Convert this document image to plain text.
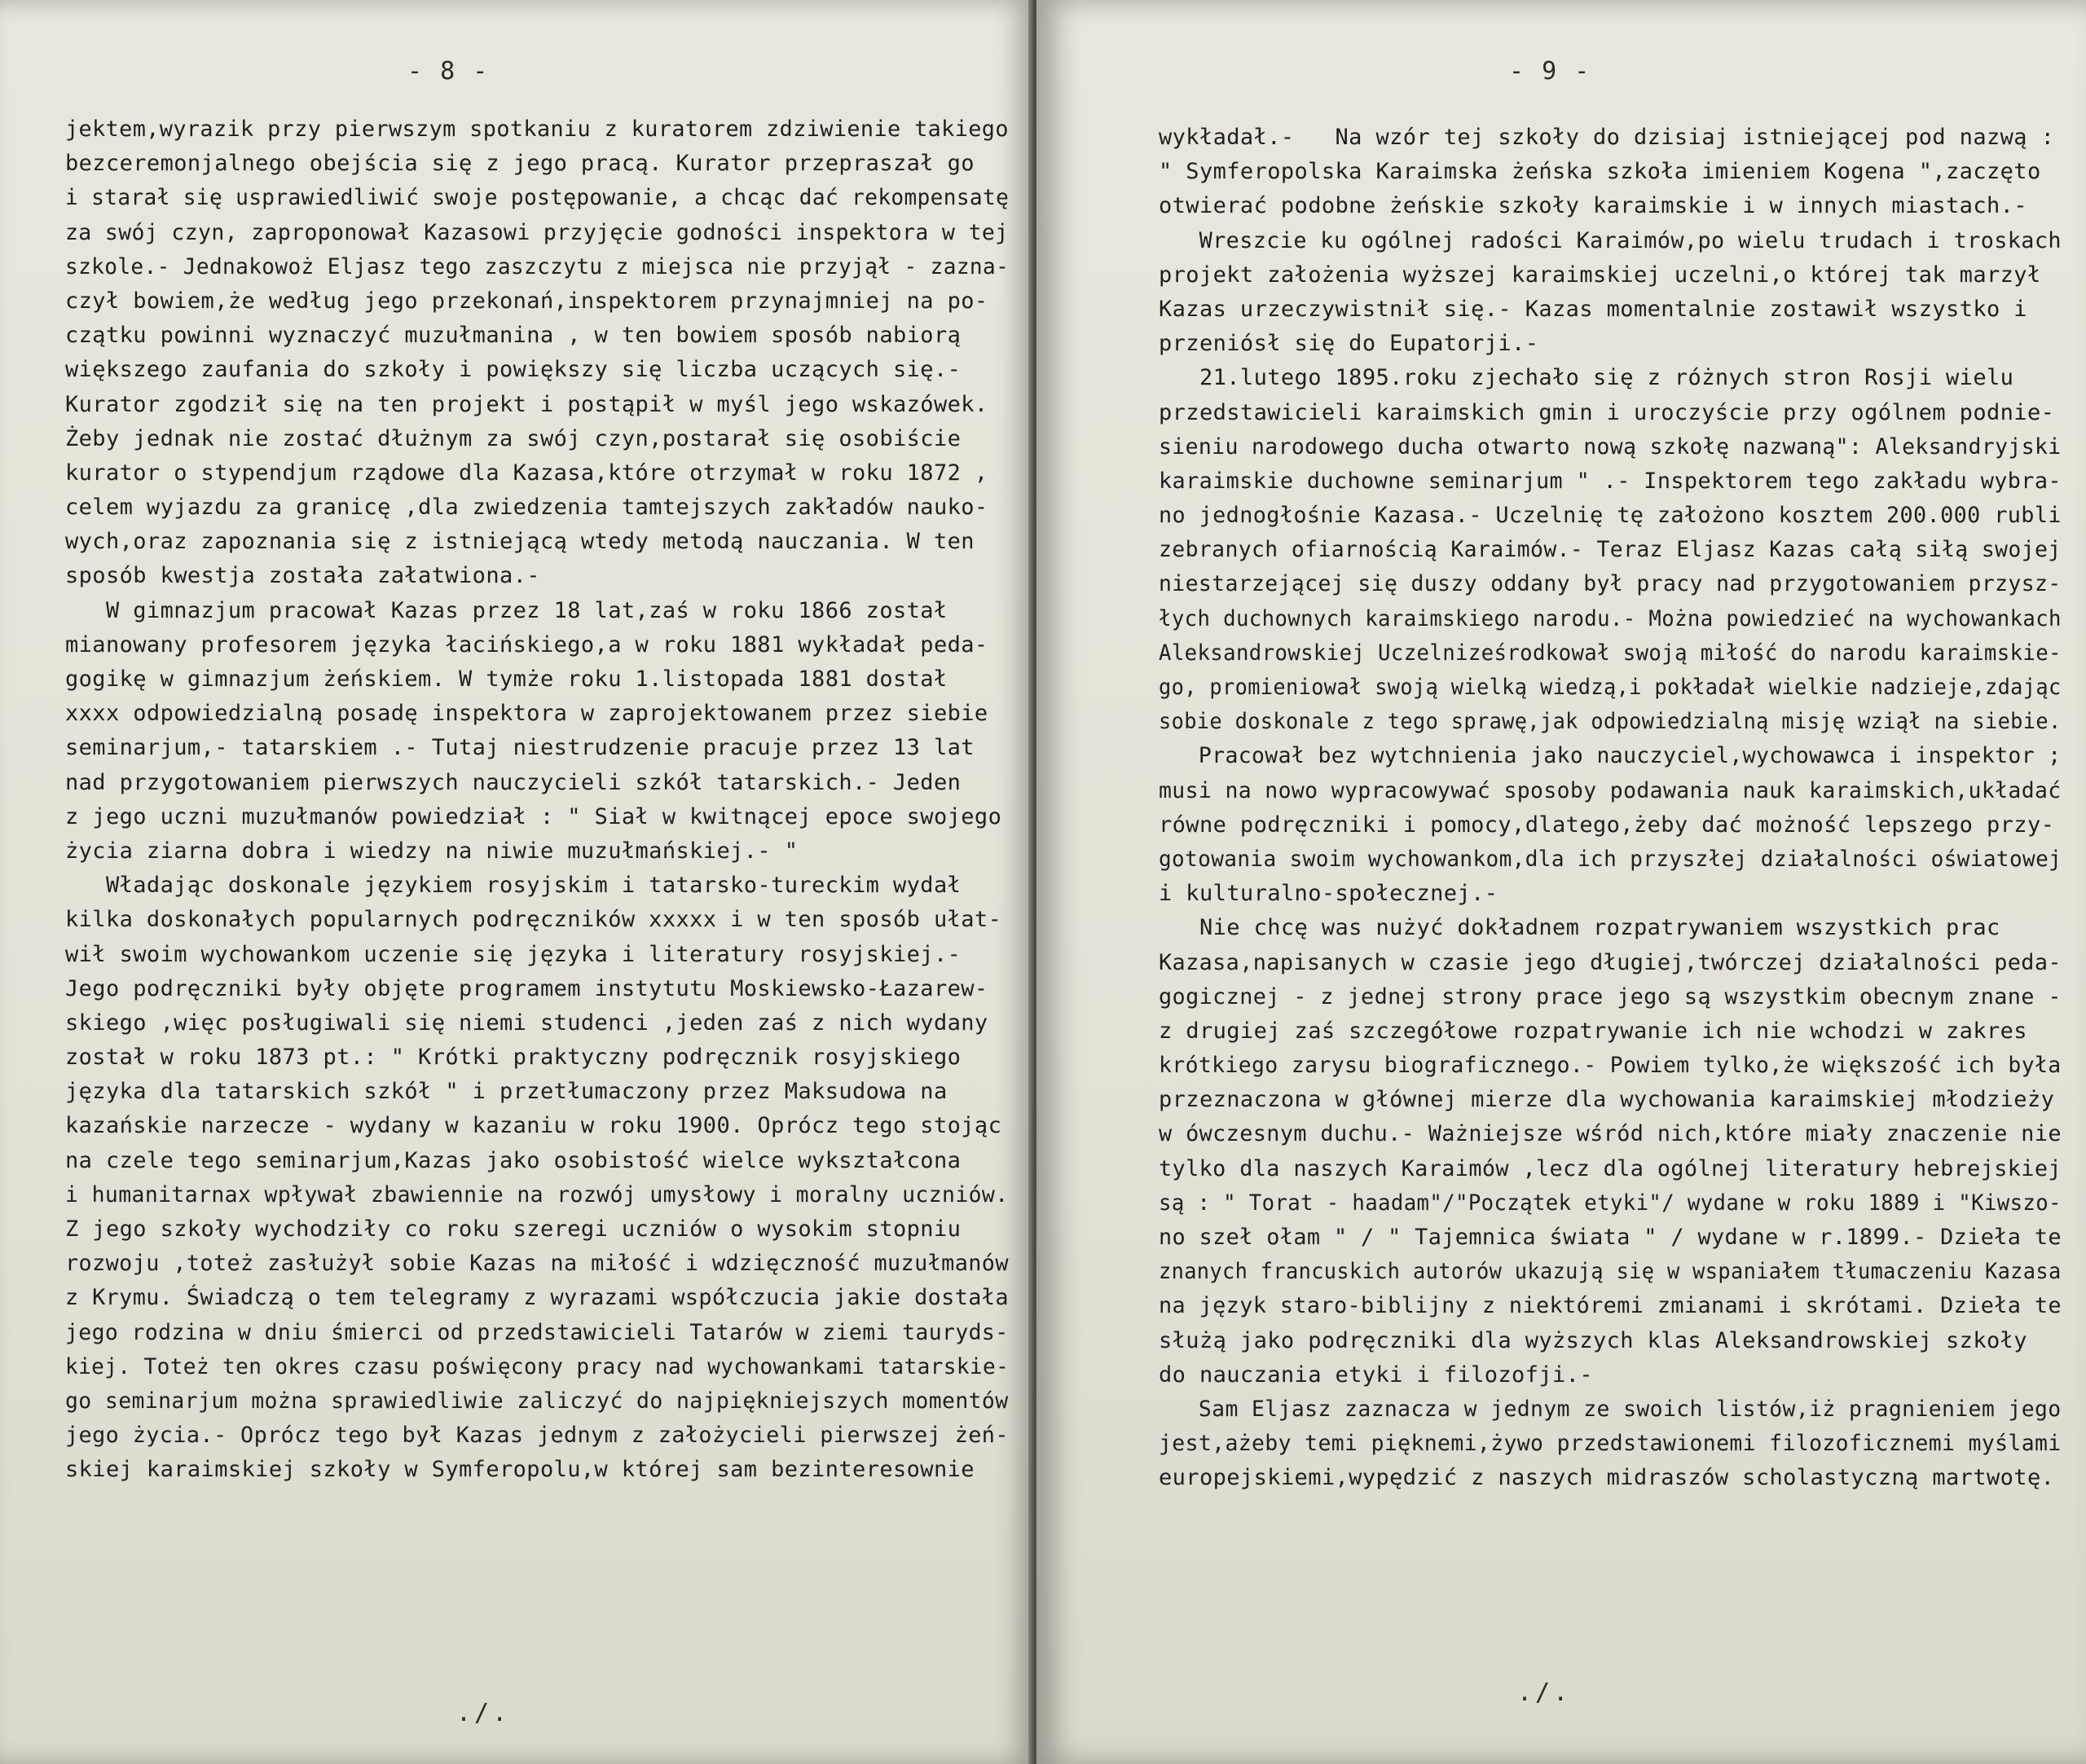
- 8 -
jektem,wyrazik przy pierwszym spotkaniu z kuratorem zdziwienie takiego
bezceremonjalnego obejścia się z jego pracą. Kurator przepraszał go
i starał się usprawiedliwić swoje postępowanie, a chcąc dać rekompensatę
za swój czyn, zaproponował Kazasowi przyjęcie godności inspektora w tej
szkole.- Jednakowoż Eljasz tego zaszczytu z miejsca nie przyjął - zazna-
czył bowiem,że według jego przekonań,inspektorem przynajmniej na po-
czątku powinni wyznaczyć muzułmanina , w ten bowiem sposób nabiorą
większego zaufania do szkoły i powiększy się liczba uczących się.-
Kurator zgodził się na ten projekt i postąpił w myśl jego wskazówek.
Żeby jednak nie zostać dłużnym za swój czyn,postarał się osobiście
kurator o stypendjum rządowe dla Kazasa,które otrzymał w roku 1872 ,
celem wyjazdu za granicę ,dla zwiedzenia tamtejszych zakładów nauko-
wych,oraz zapoznania się z istniejącą wtedy metodą nauczania. W ten
sposób kwestja została załatwiona.-
W gimnazjum pracował Kazas przez 18 lat,zaś w roku 1866 został
mianowany profesorem języka łacińskiego,a w roku 1881 wykładał peda-
gogikę w gimnazjum żeńskiem. W tymże roku 1.listopada 1881 dostał
xxxx odpowiedzialną posadę inspektora w zaprojektowanem przez siebie
seminarjum,- tatarskiem .- Tutaj niestrudzenie pracuje przez 13 lat
nad przygotowaniem pierwszych nauczycieli szkół tatarskich.- Jeden
z jego uczni muzułmanów powiedział : " Siał w kwitnącej epoce swojego
życia ziarna dobra i wiedzy na niwie muzułmańskiej.- "
Władając doskonale językiem rosyjskim i tatarsko-tureckim wydał
kilka doskonałych popularnych podręczników xxxxx i w ten sposób ułat-
wił swoim wychowankom uczenie się języka i literatury rosyjskiej.-
Jego podręczniki były objęte programem instytutu Moskiewsko-Łazarew-
skiego ,więc posługiwali się niemi studenci ,jeden zaś z nich wydany
został w roku 1873 pt.: " Krótki praktyczny podręcznik rosyjskiego
języka dla tatarskich szkół " i przetłumaczony przez Maksudowa na
kazańskie narzecze - wydany w kazaniu w roku 1900. Oprócz tego stojąc
na czele tego seminarjum,Kazas jako osobistość wielce wykształcona
i humanitarnax wpływał zbawiennie na rozwój umysłowy i moralny uczniów.
Z jego szkoły wychodziły co roku szeregi uczniów o wysokim stopniu
rozwoju ,toteż zasłużył sobie Kazas na miłość i wdzięczność muzułmanów
z Krymu. Świadczą o tem telegramy z wyrazami współczucia jakie dostała
jego rodzina w dniu śmierci od przedstawicieli Tatarów w ziemi tauryds-
kiej. Toteż ten okres czasu poświęcony pracy nad wychowankami tatarskie-
go seminarjum można sprawiedliwie zaliczyć do najpiękniejszych momentów
jego życia.- Oprócz tego był Kazas jednym z założycieli pierwszej żeń-
skiej karaimskiej szkoły w Symferopolu,w której sam bezinteresownie
./.
- 9 -
wykładał.-   Na wzór tej szkoły do dzisiaj istniejącej pod nazwą :
" Symferopolska Karaimska żeńska szkoła imieniem Kogena ",zaczęto
otwierać podobne żeńskie szkoły karaimskie i w innych miastach.-
Wreszcie ku ogólnej radości Karaimów,po wielu trudach i troskach
projekt założenia wyższej karaimskiej uczelni,o której tak marzył
Kazas urzeczywistnił się.- Kazas momentalnie zostawił wszystko i
przeniósł się do Eupatorji.-
21.lutego 1895.roku zjechało się z różnych stron Rosji wielu
przedstawicieli karaimskich gmin i uroczyście przy ogólnem podnie-
sieniu narodowego ducha otwarto nową szkołę nazwaną": Aleksandryjski
karaimskie duchowne seminarjum " .- Inspektorem tego zakładu wybra-
no jednogłośnie Kazasa.- Uczelnię tę założono kosztem 200.000 rubli
zebranych ofiarnością Karaimów.- Teraz Eljasz Kazas całą siłą swojej
niestarzejącej się duszy oddany był pracy nad przygotowaniem przysz-
łych duchownych karaimskiego narodu.- Można powiedzieć na wychowankach
Aleksandrowskiej Uczelniześrodkował swoją miłość do narodu karaimskie-
go, promieniował swoją wielką wiedzą,i pokładał wielkie nadzieje,zdając
sobie doskonale z tego sprawę,jak odpowiedzialną misję wziął na siebie.
Pracował bez wytchnienia jako nauczyciel,wychowawca i inspektor ;
musi na nowo wypracowywać sposoby podawania nauk karaimskich,układać
równe podręczniki i pomocy,dlatego,żeby dać możność lepszego przy-
gotowania swoim wychowankom,dla ich przyszłej działalności oświatowej
i kulturalno-społecznej.-
Nie chcę was nużyć dokładnem rozpatrywaniem wszystkich prac
Kazasa,napisanych w czasie jego długiej,twórczej działalności peda-
gogicznej - z jednej strony prace jego są wszystkim obecnym znane -
z drugiej zaś szczegółowe rozpatrywanie ich nie wchodzi w zakres
krótkiego zarysu biograficznego.- Powiem tylko,że większość ich była
przeznaczona w głównej mierze dla wychowania karaimskiej młodzieży
w ówczesnym duchu.- Ważniejsze wśród nich,które miały znaczenie nie
tylko dla naszych Karaimów ,lecz dla ogólnej literatury hebrejskiej
są : " Torat - haadam"/"Początek etyki"/ wydane w roku 1889 i "Kiwszo-
no szeł ołam " / " Tajemnica świata " / wydane w r.1899.- Dzieła te
znanych francuskich autorów ukazują się w wspaniałem tłumaczeniu Kazasa
na język staro-biblijny z niektóremi zmianami i skrótami. Dzieła te
służą jako podręczniki dla wyższych klas Aleksandrowskiej szkoły
do nauczania etyki i filozofji.-
Sam Eljasz zaznacza w jednym ze swoich listów,iż pragnieniem jego
jest,ażeby temi pięknemi,żywo przedstawionemi filozoficznemi myślami
europejskiemi,wypędzić z naszych midraszów scholastyczną martwotę.
./.
